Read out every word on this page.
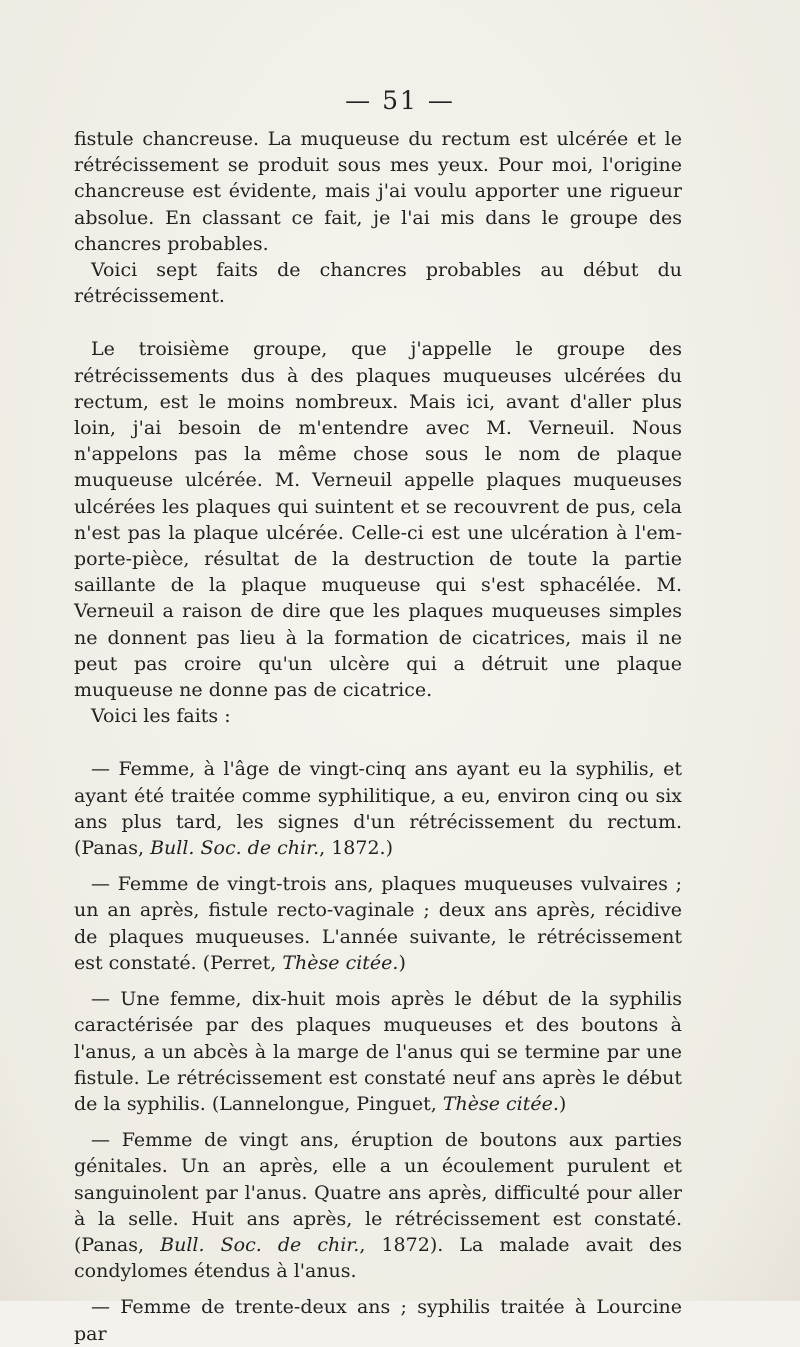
— 51 —

fistule chancreuse. La muqueuse du rectum est ulcérée et le rétrécissement se produit sous mes yeux. Pour moi, l'origine chancreuse est évidente, mais j'ai voulu apporter une rigueur absolue. En classant ce fait, je l'ai mis dans le groupe des chancres probables.

Voici sept faits de chancres probables au début du rétrécissement.

Le troisième groupe, que j'appelle le groupe des rétrécissements dus à des plaques muqueuses ulcérées du rectum, est le moins nombreux. Mais ici, avant d'aller plus loin, j'ai besoin de m'entendre avec M. Verneuil. Nous n'appelons pas la même chose sous le nom de plaque muqueuse ulcérée. M. Verneuil appelle plaques muqueuses ulcérées les plaques qui suintent et se recouvrent de pus, cela n'est pas la plaque ulcérée. Celle-ci est une ulcération à l'emporte-pièce, résultat de la destruction de toute la partie saillante de la plaque muqueuse qui s'est sphacélée. M. Verneuil a raison de dire que les plaques muqueuses simples ne donnent pas lieu à la formation de cicatrices, mais il ne peut pas croire qu'un ulcère qui a détruit une plaque muqueuse ne donne pas de cicatrice.

Voici les faits :

— Femme, à l'âge de vingt-cinq ans ayant eu la syphilis, et ayant été traitée comme syphilitique, a eu, environ cinq ou six ans plus tard, les signes d'un rétrécissement du rectum. (Panas, Bull. Soc. de chir., 1872.)

— Femme de vingt-trois ans, plaques muqueuses vulvaires ; un an après, fistule recto-vaginale ; deux ans après, récidive de plaques muqueuses. L'année suivante, le rétrécissement est constaté. (Perret, Thèse citée.)

— Une femme, dix-huit mois après le début de la syphilis caractérisée par des plaques muqueuses et des boutons à l'anus, a un abcès à la marge de l'anus qui se termine par une fistule. Le rétrécissement est constaté neuf ans après le début de la syphilis. (Lannelongue, Pinguet, Thèse citée.)

— Femme de vingt ans, éruption de boutons aux parties génitales. Un an après, elle a un écoulement purulent et sanguinolent par l'anus. Quatre ans après, difficulté pour aller à la selle. Huit ans après, le rétrécissement est constaté. (Panas, Bull. Soc. de chir., 1872). La malade avait des condylomes étendus à l'anus.

— Femme de trente-deux ans ; syphilis traitée à Lourcine par
